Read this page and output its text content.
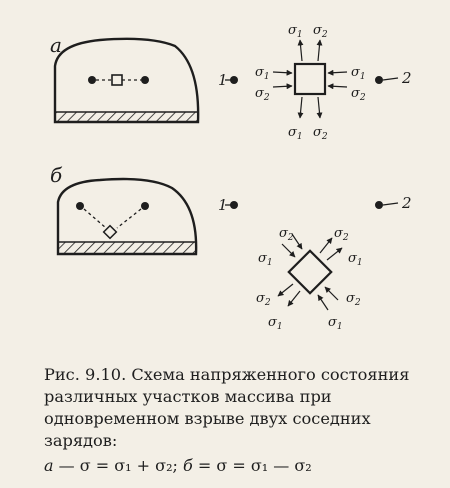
а
$\sigma_1$ $\sigma_2$
$\sigma_1$
$\sigma_2$
$\sigma_1$
$\sigma_2$
$\sigma_1$ $\sigma_2$
1	2
б
1	2
$\sigma_2$
$\sigma_1$
$\sigma_2$
$\sigma_1$
$\sigma_2$
$\sigma_1$
$\sigma_2$
$\sigma_1$

Рис. 9.10. Схема напряженного состояния различных участков массива при одновременном взрыве двух соседних зарядов:

а — σ = σ₁ + σ₂; б = σ = σ₁ — σ₂
